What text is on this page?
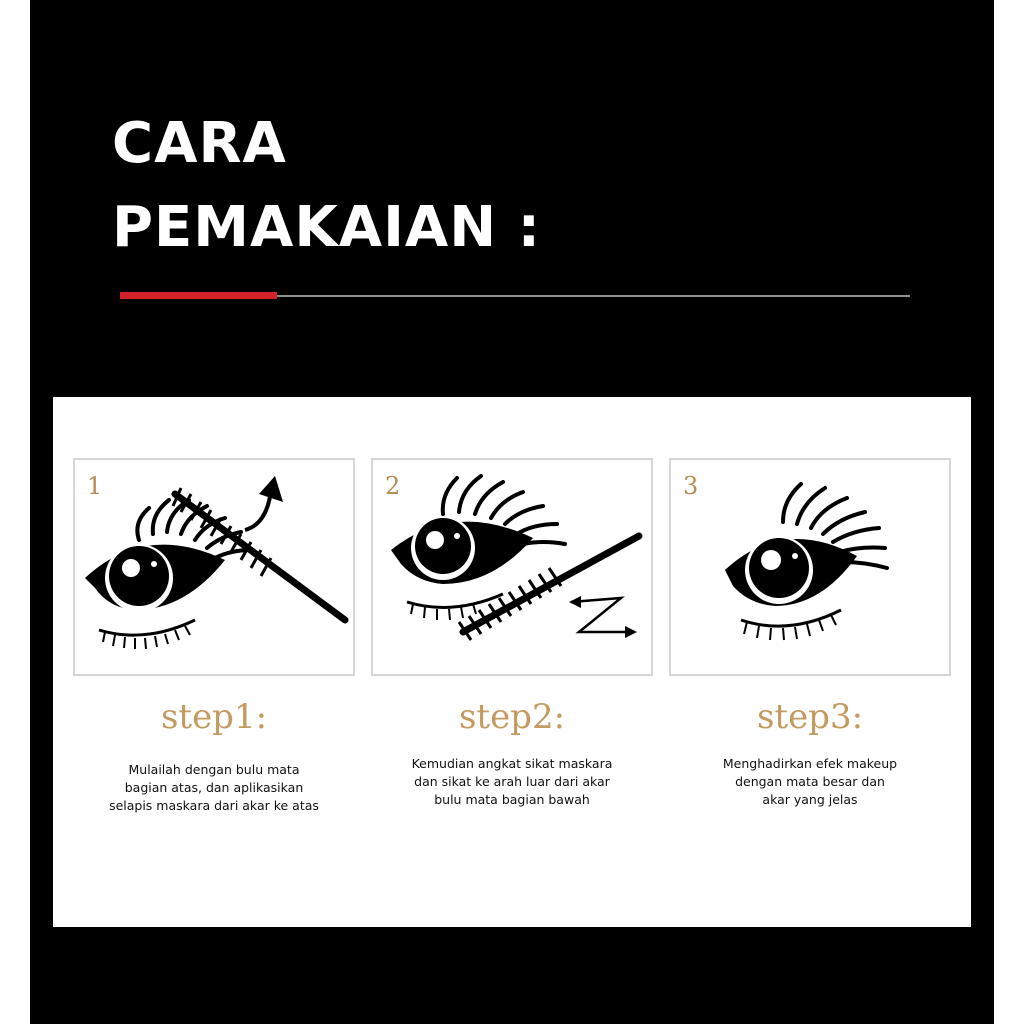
CARA
PEMAKAIAN :
1
step1:
Mulailah dengan bulu mata
bagian atas, dan aplikasikan
selapis maskara dari akar ke atas
2
step2:
Kemudian angkat sikat maskara
dan sikat ke arah luar dari akar
bulu mata bagian bawah
3
step3:
Menghadirkan efek makeup
dengan mata besar dan
akar yang jelas
